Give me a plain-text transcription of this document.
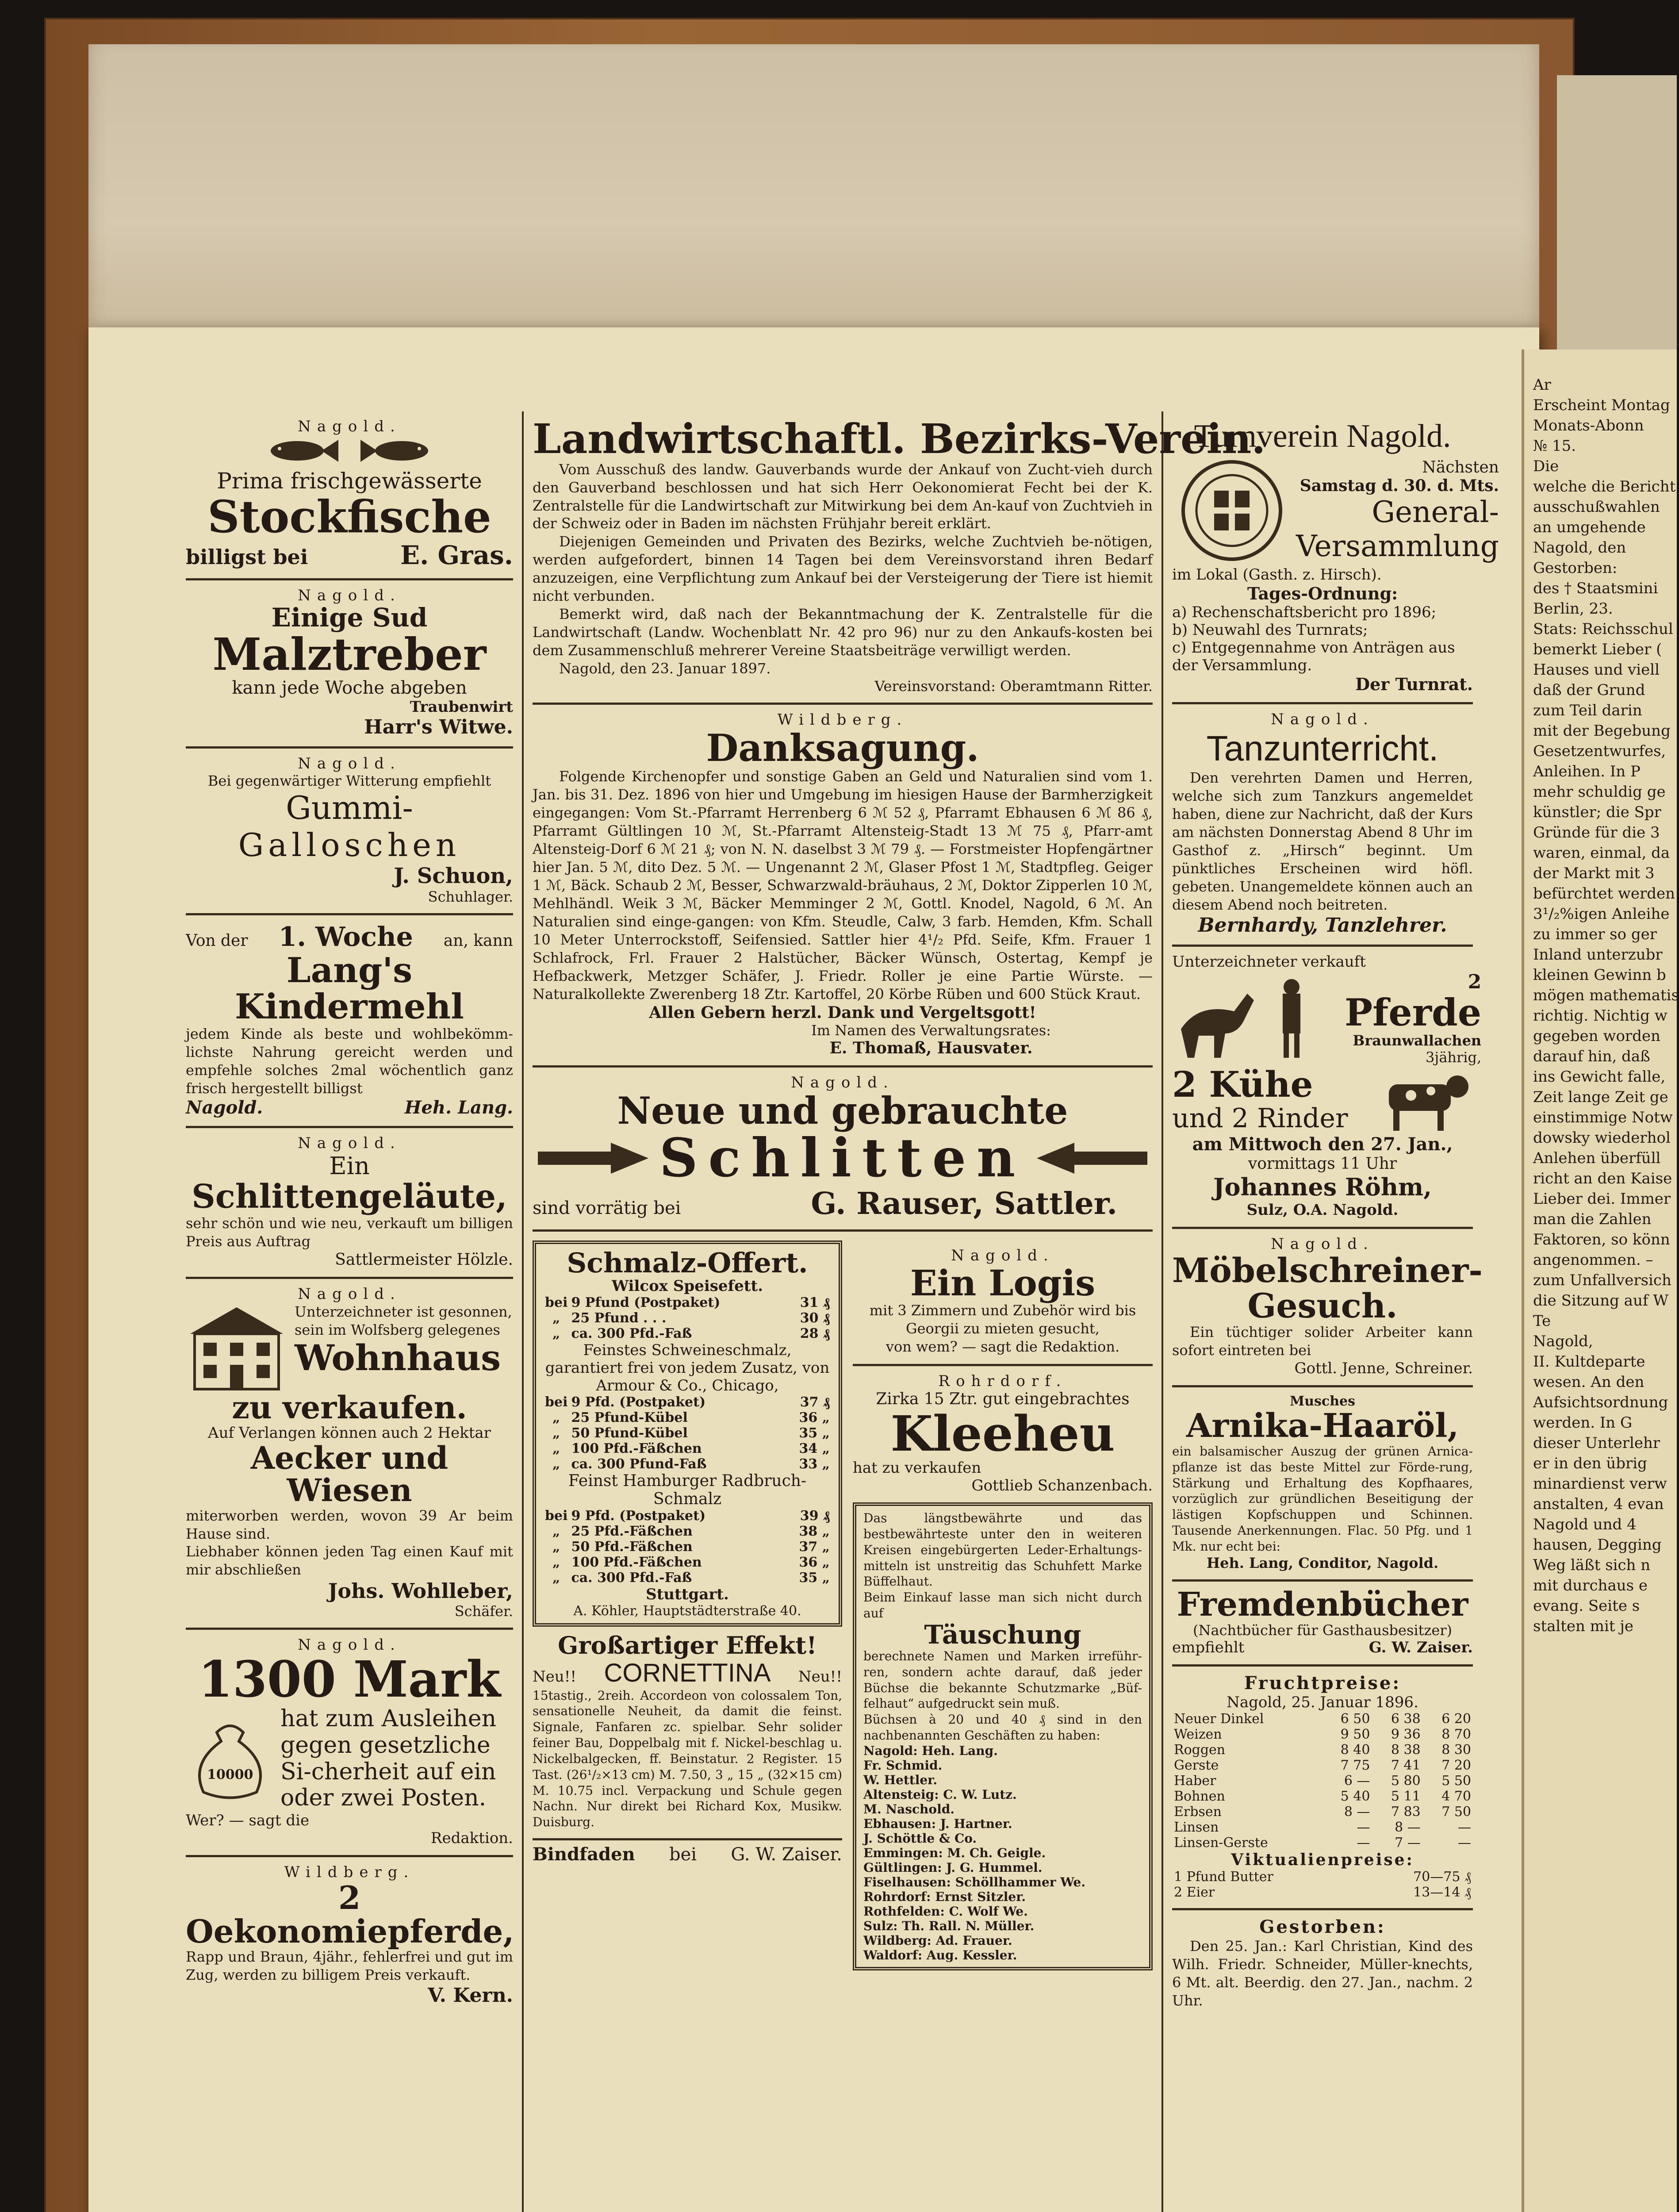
Ar
Erscheint Montag
Monats-Abonn
№ 15.
Die
welche die Bericht
ausschußwahlen
an umgehende
Nagold, den
Gestorben:
des † Staatsmini
Berlin, 23.
Stats: Reichsschul
bemerkt Lieber (
Hauses und viell
daß der Grund
zum Teil darin
mit der Begebung
Gesetzentwurfes,
Anleihen. In P
mehr schuldig ge
künstler; die Spr
Gründe für die 3
waren, einmal, da
der Markt mit 3
befürchtet werden
3¹/₂%igen Anleihe
zu immer so ger
Inland unterzubr
kleinen Gewinn b
mögen mathematis
richtig. Nichtig w
gegeben worden
darauf hin, daß
ins Gewicht falle,
Zeit lange Zeit ge
einstimmige Notw
dowsky wiederhol
Anlehen überfüll
richt an den Kaise
Lieber dei. Immer
man die Zahlen
Faktoren, so könn
angenommen. –
zum Unfallversich
die Sitzung auf W
Te
Nagold,
II. Kultdeparte
wesen. An den
Aufsichtsordnung
werden. In G
dieser Unterlehr
er in den übrig
minardienst verw
anstalten, 4 evan
Nagold und 4
hausen, Degging
Weg läßt sich n
mit durchaus e
evang. Seite s
stalten mit je
Nagold.

Prima frischgewässerte
Stockfische
billigst bei	E. Gras.
Nagold.
Einige Sud
Malztreber
kann jede Woche abgeben
Traubenwirt
Harr's Witwe.
Nagold.
Bei gegenwärtiger Witterung empfiehlt
Gummi-
Galloschen
J. Schuon,
Schuhlager.
Von der 1. Woche an, kann
Lang's Kindermehl
jedem Kinde als beste und wohlbekömm-lichste Nahrung gereicht werden und empfehle solches 2mal wöchentlich ganz frisch hergestellt billigst
Nagold.	Heh. Lang.
Nagold.
Ein
Schlittengeläute,
sehr schön und wie neu, verkauft um billigen Preis aus Auftrag
Sattlermeister Hölzle.
Nagold.
Unterzeichneter ist gesonnen, sein im Wolfsberg gelegenes
Wohnhaus
zu verkaufen.
Auf Verlangen können auch 2 Hektar
Aecker und Wiesen
miterworben werden, wovon 39 Ar beim Hause sind.
Liebhaber können jeden Tag einen Kauf mit mir abschließen
Johs. Wohlleber,
Schäfer.
Nagold.
1300 Mark
10000
hat zum Ausleihen gegen gesetzliche Si-cherheit auf ein oder zwei Posten.
Wer? — sagt die
Redaktion.
Wildberg.
2 Oekonomiepferde,
Rapp und Braun, 4jähr., fehlerfrei und gut im Zug, werden zu billigem Preis verkauft.
V. Kern.
Landwirtschaftl. Bezirks-Verein.
Vom Ausschuß des landw. Gauverbands wurde der Ankauf von Zucht-vieh durch den Gauverband beschlossen und hat sich Herr Oekonomierat Fecht bei der K. Zentralstelle für die Landwirtschaft zur Mitwirkung bei dem An-kauf von Zuchtvieh in der Schweiz oder in Baden im nächsten Frühjahr bereit erklärt.
Diejenigen Gemeinden und Privaten des Bezirks, welche Zuchtvieh be-nötigen, werden aufgefordert, binnen 14 Tagen bei dem Vereinsvorstand ihren Bedarf anzuzeigen, eine Verpflichtung zum Ankauf bei der Versteigerung der Tiere ist hiemit nicht verbunden.
Bemerkt wird, daß nach der Bekanntmachung der K. Zentralstelle für die Landwirtschaft (Landw. Wochenblatt Nr. 42 pro 96) nur zu den Ankaufs-kosten bei dem Zusammenschluß mehrerer Vereine Staatsbeiträge verwilligt werden.
Nagold, den 23. Januar 1897.
Vereinsvorstand: Oberamtmann Ritter.
Wildberg.
Danksagung.
Folgende Kirchenopfer und sonstige Gaben an Geld und Naturalien sind vom 1. Jan. bis 31. Dez. 1896 von hier und Umgebung im hiesigen Hause der Barmherzigkeit eingegangen: Vom St.-Pfarramt Herrenberg 6 ℳ 52 ₰, Pfarramt Ebhausen 6 ℳ 86 ₰, Pfarramt Gültlingen 10 ℳ, St.-Pfarramt Altensteig-Stadt 13 ℳ 75 ₰, Pfarr-amt Altensteig-Dorf 6 ℳ 21 ₰; von N. N. daselbst 3 ℳ 79 ₰. — Forstmeister Hopfengärtner hier Jan. 5 ℳ, dito Dez. 5 ℳ. — Ungenannt 2 ℳ, Glaser Pfost 1 ℳ, Stadtpfleg. Geiger 1 ℳ, Bäck. Schaub 2 ℳ, Besser, Schwarzwald-bräuhaus, 2 ℳ, Doktor Zipperlen 10 ℳ, Mehlhändl. Weik 3 ℳ, Bäcker Memminger 2 ℳ, Gottl. Knodel, Nagold, 6 ℳ. An Naturalien sind einge-gangen: von Kfm. Steudle, Calw, 3 farb. Hemden, Kfm. Schall 10 Meter Unterrockstoff, Seifensied. Sattler hier 4¹/₂ Pfd. Seife, Kfm. Frauer 1 Schlafrock, Frl. Frauer 2 Halstücher, Bäcker Wünsch, Ostertag, Kempf je Hefbackwerk, Metzger Schäfer, J. Friedr. Roller je eine Partie Würste. — Naturalkollekte Zwerenberg 18 Ztr. Kartoffel, 20 Körbe Rüben und 600 Stück Kraut.
Allen Gebern herzl. Dank und Vergeltsgott!
Im Namen des Verwaltungsrates:
E. Thomaß, Hausvater.
Nagold.
Neue und gebrauchte
Schlitten
sind vorrätig bei	G. Rauser, Sattler.
Schmalz-Offert.
Wilcox Speisefett.
bei	9 Pfund (Postpaket)	31 ₰
„	25 Pfund . . .	30 ₰
„	ca. 300 Pfd.-Faß	28 ₰
Feinstes Schweineschmalz, garantiert frei von jedem Zusatz, von Armour & Co., Chicago,
bei	9 Pfd. (Postpaket)	37 ₰
„	25 Pfund-Kübel	36 „
„	50 Pfund-Kübel	35 „
„	100 Pfd.-Fäßchen	34 „
„	ca. 300 Pfund-Faß	33 „
Feinst Hamburger Radbruch-Schmalz
bei	9 Pfd. (Postpaket)	39 ₰
„	25 Pfd.-Fäßchen	38 „
„	50 Pfd.-Fäßchen	37 „
„	100 Pfd.-Fäßchen	36 „
„	ca. 300 Pfd.-Faß	35 „
Stuttgart.
A. Köhler, Hauptstädterstraße 40.
Großartiger Effekt!
Neu!! CORNETTINA Neu!!
15tastig., 2reih. Accordeon von colossalem Ton, sensationelle Neuheit, da damit die feinst. Signale, Fanfaren zc. spielbar. Sehr solider feiner Bau, Doppelbalg mit f. Nickel-beschlag u. Nickelbalgecken, ff. Beinstatur. 2 Register. 15 Tast. (26¹/₂×13 cm) M. 7.50, 3 „ 15 „ (32×15 cm) M. 10.75 incl. Verpackung und Schule gegen Nachn. Nur direkt bei Richard Kox, Musikw. Duisburg.
Bindfaden bei G. W. Zaiser.
Nagold.
Ein Logis
mit 3 Zimmern und Zubehör wird bis Georgii zu mieten gesucht,
von wem? — sagt die Redaktion.
Rohrdorf.
Zirka 15 Ztr. gut eingebrachtes
Kleeheu
hat zu verkaufen
Gottlieb Schanzenbach.
Das längstbewährte und das bestbewährteste unter den in weiteren Kreisen eingebürgerten Leder-Erhaltungs-mitteln ist unstreitig das Schuhfett Marke Büffelhaut.
Beim Einkauf lasse man sich nicht durch auf
Täuschung
berechnete Namen und Marken irreführ-ren, sondern achte darauf, daß jeder Büchse die bekannte Schutzmarke „Büf-felhaut“ aufgedruckt sein muß.
Büchsen à 20 und 40 ₰ sind in den nachbenannten Geschäften zu haben:
Nagold: Heh. Lang.
Fr. Schmid.
W. Hettler.
Altensteig: C. W. Lutz.
M. Naschold.
Ebhausen: J. Hartner.
J. Schöttle & Co.
Emmingen: M. Ch. Geigle.
Gültlingen: J. G. Hummel.
Fiselhausen: Schöllhammer We.
Rohrdorf: Ernst Sitzler.
Rothfelden: C. Wolf We.
Sulz: Th. Rall. N. Müller.
Wildberg: Ad. Frauer.
Waldorf: Aug. Kessler.
Turnverein Nagold.
Nächsten
Samstag d. 30. d. Mts.
General-
Versammlung
im Lokal (Gasth. z. Hirsch).
Tages-Ordnung:
a) Rechenschaftsbericht pro 1896;
b) Neuwahl des Turnrats;
c) Entgegennahme von Anträgen aus der Versammlung.
Der Turnrat.
Nagold.
Tanzunterricht.
Den verehrten Damen und Herren, welche sich zum Tanzkurs angemeldet haben, diene zur Nachricht, daß der Kurs am nächsten Donnerstag Abend 8 Uhr im Gasthof z. „Hirsch“ beginnt. Um pünktliches Erscheinen wird höfl. gebeten. Unangemeldete können auch an diesem Abend noch beitreten.
Bernhardy, Tanzlehrer.
Unterzeichneter verkauft
2
Pferde
Braunwallachen
3jährig,
2 Kühe
und 2 Rinder
am Mittwoch den 27. Jan.,
vormittags 11 Uhr
Johannes Röhm,
Sulz, O.A. Nagold.
Nagold.
Möbelschreiner-
Gesuch.
Ein tüchtiger solider Arbeiter kann sofort eintreten bei
Gottl. Jenne, Schreiner.
Musches
Arnika-Haaröl,
ein balsamischer Auszug der grünen Arnica-pflanze ist das beste Mittel zur Förde-rung, Stärkung und Erhaltung des Kopfhaares, vorzüglich zur gründlichen Beseitigung der lästigen Kopfschuppen und Schinnen. Tausende Anerkennungen. Flac. 50 Pfg. und 1 Mk. nur echt bei:
Heh. Lang, Conditor, Nagold.
Fremdenbücher
(Nachtbücher für Gasthausbesitzer)
empfiehlt	G. W. Zaiser.
Fruchtpreise:
Nagold, 25. Januar 1896.
Neuer Dinkel	6 50	6 38	6 20
Weizen	9 50	9 36	8 70
Roggen	8 40	8 38	8 30
Gerste	7 75	7 41	7 20
Haber	6 —	5 80	5 50
Bohnen	5 40	5 11	4 70
Erbsen	8 —	7 83	7 50
Linsen	—	8 —	—
Linsen-Gerste	—	7 —	—
Viktualienpreise:
1 Pfund Butter	70—75 ₰
2 Eier	13—14 ₰
Gestorben:
Den 25. Jan.: Karl Christian, Kind des Wilh. Friedr. Schneider, Müller-knechts, 6 Mt. alt. Beerdig. den 27. Jan., nachm. 2 Uhr.
